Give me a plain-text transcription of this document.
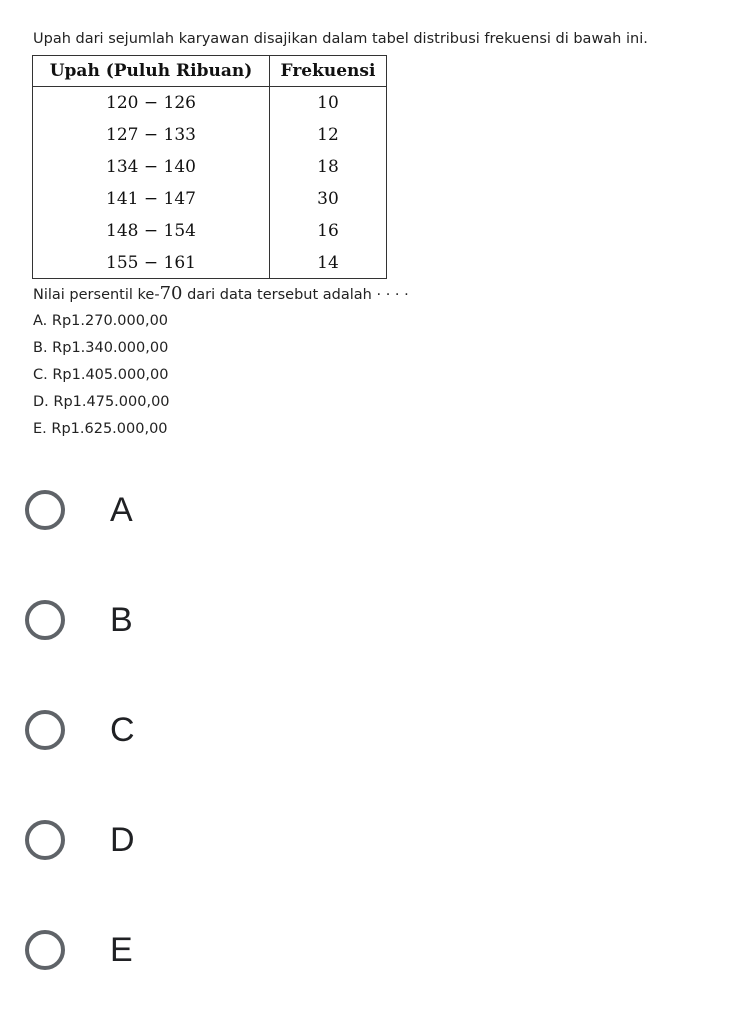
Upah dari sejumlah karyawan disajikan dalam tabel distribusi frekuensi di bawah ini.
Upah (Puluh Ribuan)	Frekuensi
120 − 126	10
127 − 133	12
134 − 140	18
141 − 147	30
148 − 154	16
155 − 161	14
Nilai persentil ke-70 dari data tersebut adalah · · · ·
A. Rp1.270.000,00
B. Rp1.340.000,00
C. Rp1.405.000,00
D. Rp1.475.000,00
E. Rp1.625.000,00
A
B
C
D
E
